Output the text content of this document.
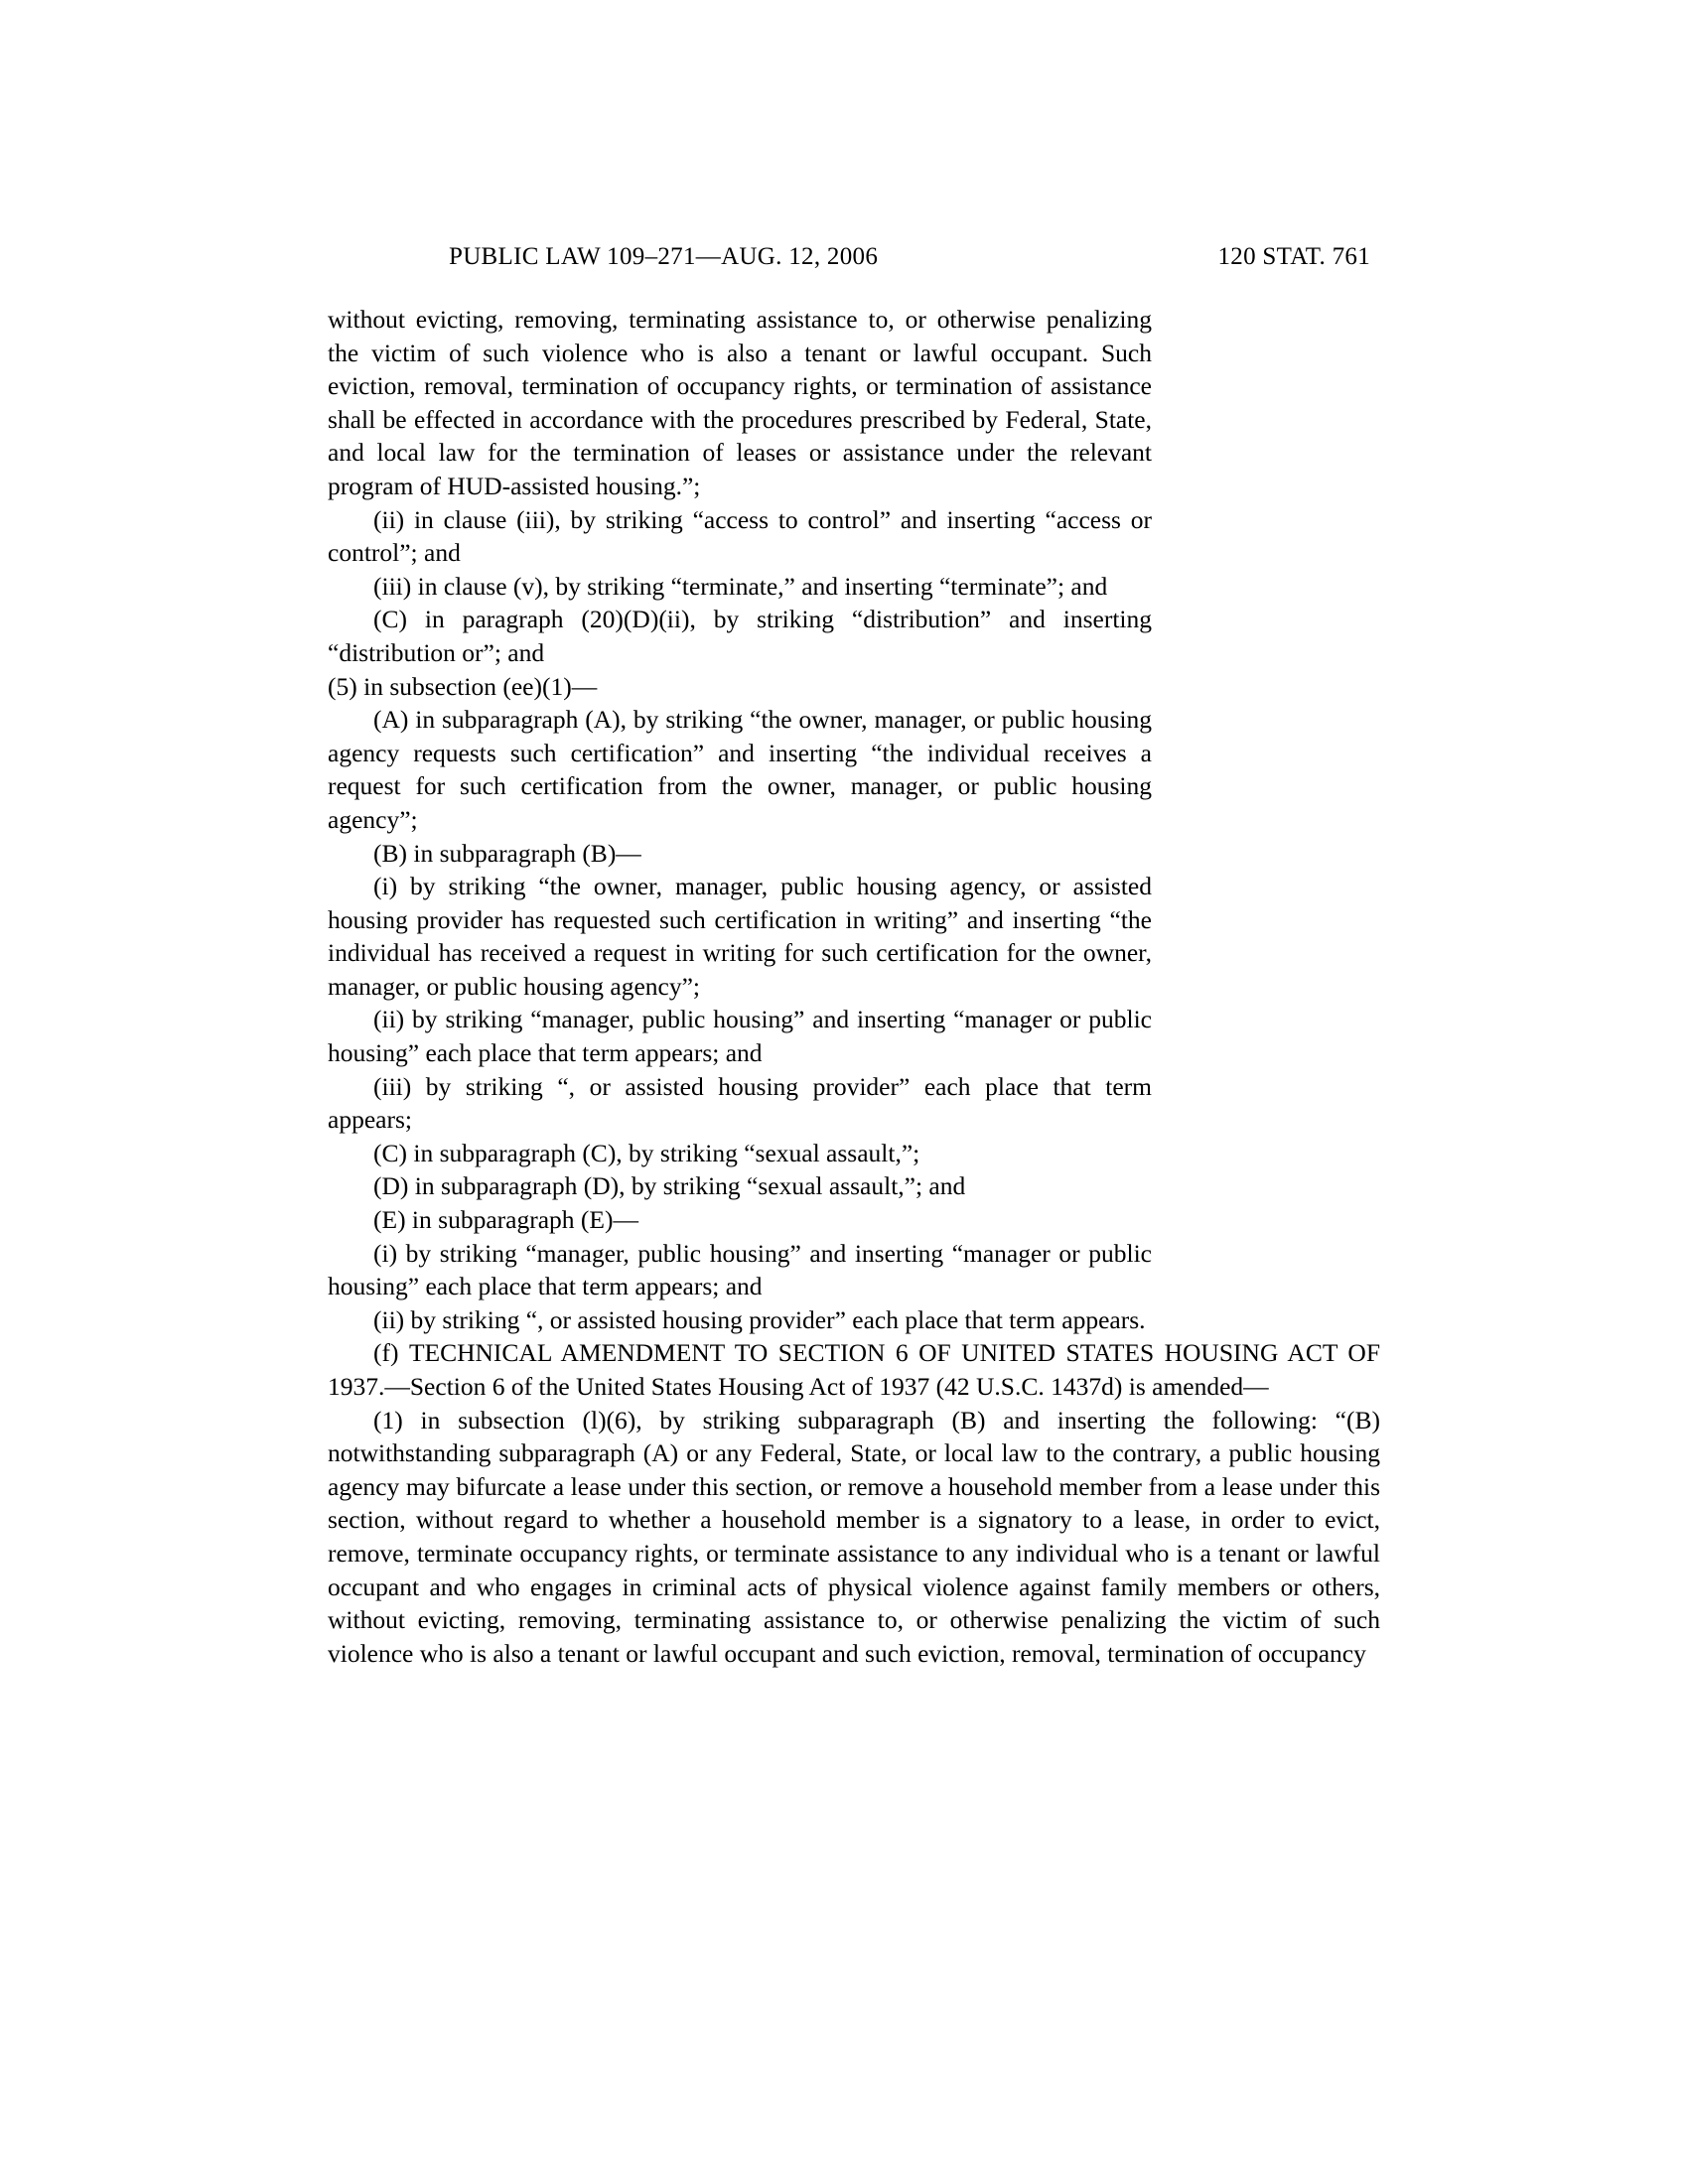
PUBLIC LAW 109–271—AUG. 12, 2006	120 STAT. 761

without evicting, removing, terminating assistance to, or otherwise penalizing the victim of such violence who is also a tenant or lawful occupant. Such eviction, removal, termination of occupancy rights, or termination of assistance shall be effected in accordance with the procedures prescribed by Federal, State, and local law for the termination of leases or assistance under the relevant program of HUD-assisted housing.”;

(ii) in clause (iii), by striking “access to control” and inserting “access or control”; and

(iii) in clause (v), by striking “terminate,” and inserting “terminate”; and

(C) in paragraph (20)(D)(ii), by striking “distribution” and inserting “distribution or”; and

(5) in subsection (ee)(1)—

(A) in subparagraph (A), by striking “the owner, manager, or public housing agency requests such certification” and inserting “the individual receives a request for such certification from the owner, manager, or public housing agency”;

(B) in subparagraph (B)—

(i) by striking “the owner, manager, public housing agency, or assisted housing provider has requested such certification in writing” and inserting “the individual has received a request in writing for such certification for the owner, manager, or public housing agency”;

(ii) by striking “manager, public housing” and inserting “manager or public housing” each place that term appears; and

(iii) by striking “, or assisted housing provider” each place that term appears;

(C) in subparagraph (C), by striking “sexual assault,”;

(D) in subparagraph (D), by striking “sexual assault,”; and

(E) in subparagraph (E)—

(i) by striking “manager, public housing” and inserting “manager or public housing” each place that term appears; and

(ii) by striking “, or assisted housing provider” each place that term appears.

(f) TECHNICAL AMENDMENT TO SECTION 6 OF UNITED STATES HOUSING ACT OF 1937.—Section 6 of the United States Housing Act of 1937 (42 U.S.C. 1437d) is amended—

(1) in subsection (l)(6), by striking subparagraph (B) and inserting the following: “(B) notwithstanding subparagraph (A) or any Federal, State, or local law to the contrary, a public housing agency may bifurcate a lease under this section, or remove a household member from a lease under this section, without regard to whether a household member is a signatory to a lease, in order to evict, remove, terminate occupancy rights, or terminate assistance to any individual who is a tenant or lawful occupant and who engages in criminal acts of physical violence against family members or others, without evicting, removing, terminating assistance to, or otherwise penalizing the victim of such violence who is also a tenant or lawful occupant and such eviction, removal, termination of occupancy
